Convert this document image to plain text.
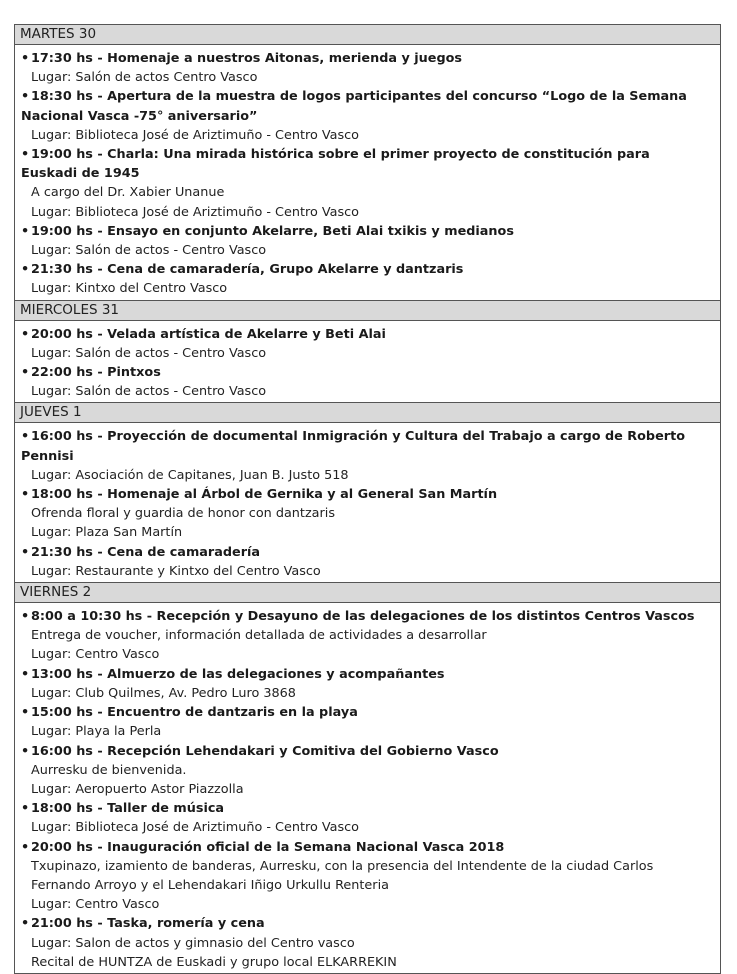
MARTES 30
• 17:30 hs - Homenaje a nuestros Aitonas, merienda y juegos
Lugar: Salón de actos Centro Vasco
• 18:30 hs - Apertura de la muestra de logos participantes del concurso “Logo de la Semana Nacional Vasca -75° aniversario”
Lugar: Biblioteca José de Ariztimuño - Centro Vasco
• 19:00 hs - Charla: Una mirada histórica sobre el primer proyecto de constitución para Euskadi de 1945
A cargo del Dr. Xabier Unanue
Lugar: Biblioteca José de Ariztimuño - Centro Vasco
• 19:00 hs - Ensayo en conjunto Akelarre, Beti Alai txikis y medianos
Lugar: Salón de actos - Centro Vasco
• 21:30 hs - Cena de camaradería, Grupo Akelarre y dantzaris
Lugar: Kintxo del Centro Vasco
MIERCOLES 31
• 20:00 hs - Velada artística de Akelarre y Beti Alai
Lugar: Salón de actos - Centro Vasco
• 22:00 hs - Pintxos
Lugar: Salón de actos - Centro Vasco
JUEVES 1
• 16:00 hs - Proyección de documental Inmigración y Cultura del Trabajo a cargo de Roberto Pennisi
Lugar: Asociación de Capitanes, Juan B. Justo 518
• 18:00 hs - Homenaje al Árbol de Gernika y al General San Martín
Ofrenda floral y guardia de honor con dantzaris
Lugar: Plaza San Martín
• 21:30 hs - Cena de camaradería
Lugar: Restaurante y Kintxo del Centro Vasco
VIERNES 2
• 8:00 a 10:30 hs - Recepción y Desayuno de las delegaciones de los distintos Centros Vascos
Entrega de voucher, información detallada de actividades a desarrollar
Lugar: Centro Vasco
• 13:00 hs - Almuerzo de las delegaciones y acompañantes
Lugar: Club Quilmes, Av. Pedro Luro 3868
• 15:00 hs - Encuentro de dantzaris en la playa
Lugar: Playa la Perla
• 16:00 hs - Recepción Lehendakari y Comitiva del Gobierno Vasco
Aurresku de bienvenida.
Lugar: Aeropuerto Astor Piazzolla
• 18:00 hs - Taller de música
Lugar: Biblioteca José de Ariztimuño - Centro Vasco
• 20:00 hs - Inauguración oficial de la Semana Nacional Vasca 2018
Txupinazo, izamiento de banderas, Aurresku, con la presencia del Intendente de la ciudad Carlos Fernando Arroyo y el Lehendakari Iñigo Urkullu Renteria
Lugar: Centro Vasco
• 21:00 hs - Taska, romería y cena
Lugar: Salon de actos y gimnasio del Centro vasco
Recital de HUNTZA de Euskadi y grupo local ELKARREKIN
